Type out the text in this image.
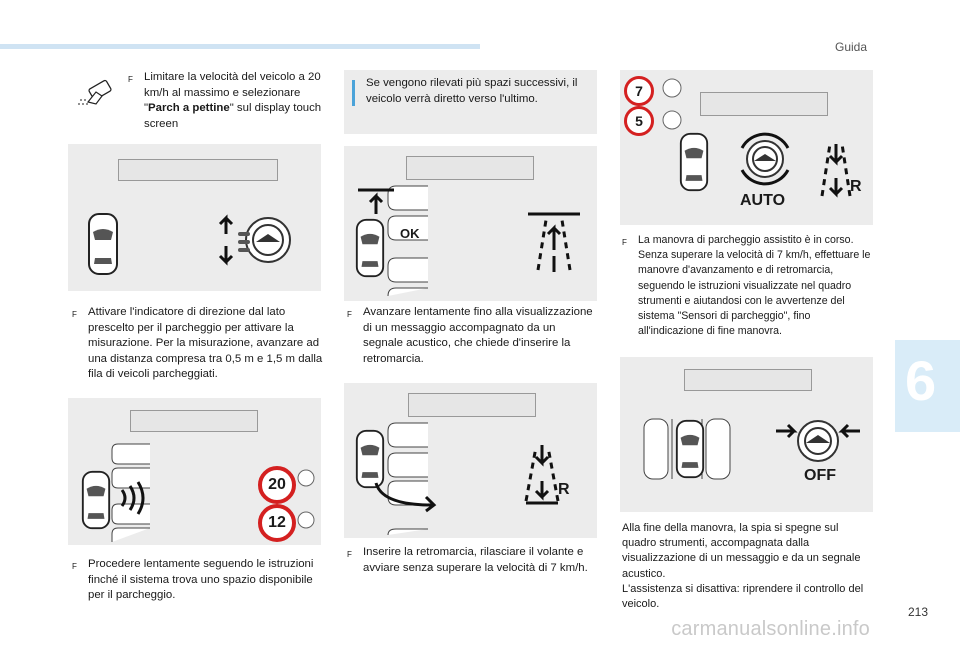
Guida
6
213
carmanualsonline.info
F Limitare la velocità del veicolo a 20 km/h al massimo e selezionare "Parch a pettine" sul display touch screen
F Attivare l'indicatore di direzione dal lato prescelto per il parcheggio per attivare la misurazione. Per la misurazione, avanzare ad una distanza compresa tra 0,5 m e 1,5 m dalla fila di veicoli parcheggiati.
20
12
F Procedere lentamente seguendo le istruzioni finché il sistema trova uno spazio disponibile per il parcheggio.
Se vengono rilevati più spazi successivi, il veicolo verrà diretto verso l'ultimo.
OK
F Avanzare lentamente fino alla visualizzazione di un messaggio accompagnato da un segnale acustico, che chiede d'inserire la retromarcia.
R
F Inserire la retromarcia, rilasciare il volante e avviare senza superare la velocità di 7 km/h.
7
5
AUTO
R
F	La manovra di parcheggio assistito è in corso. Senza superare la velocità di 7 km/h, effettuare le manovre d'avanzamento e di retromarcia, seguendo le istruzioni visualizzate nel quadro strumenti e aiutandosi con le avvertenze del sistema "Sensori di parcheggio", fino all'indicazione di fine manovra.
OFF
Alla fine della manovra, la spia si spegne sul quadro strumenti, accompagnata dalla visualizzazione di un messaggio e da un segnale acustico.
L'assistenza si disattiva: riprendere il controllo del veicolo.
